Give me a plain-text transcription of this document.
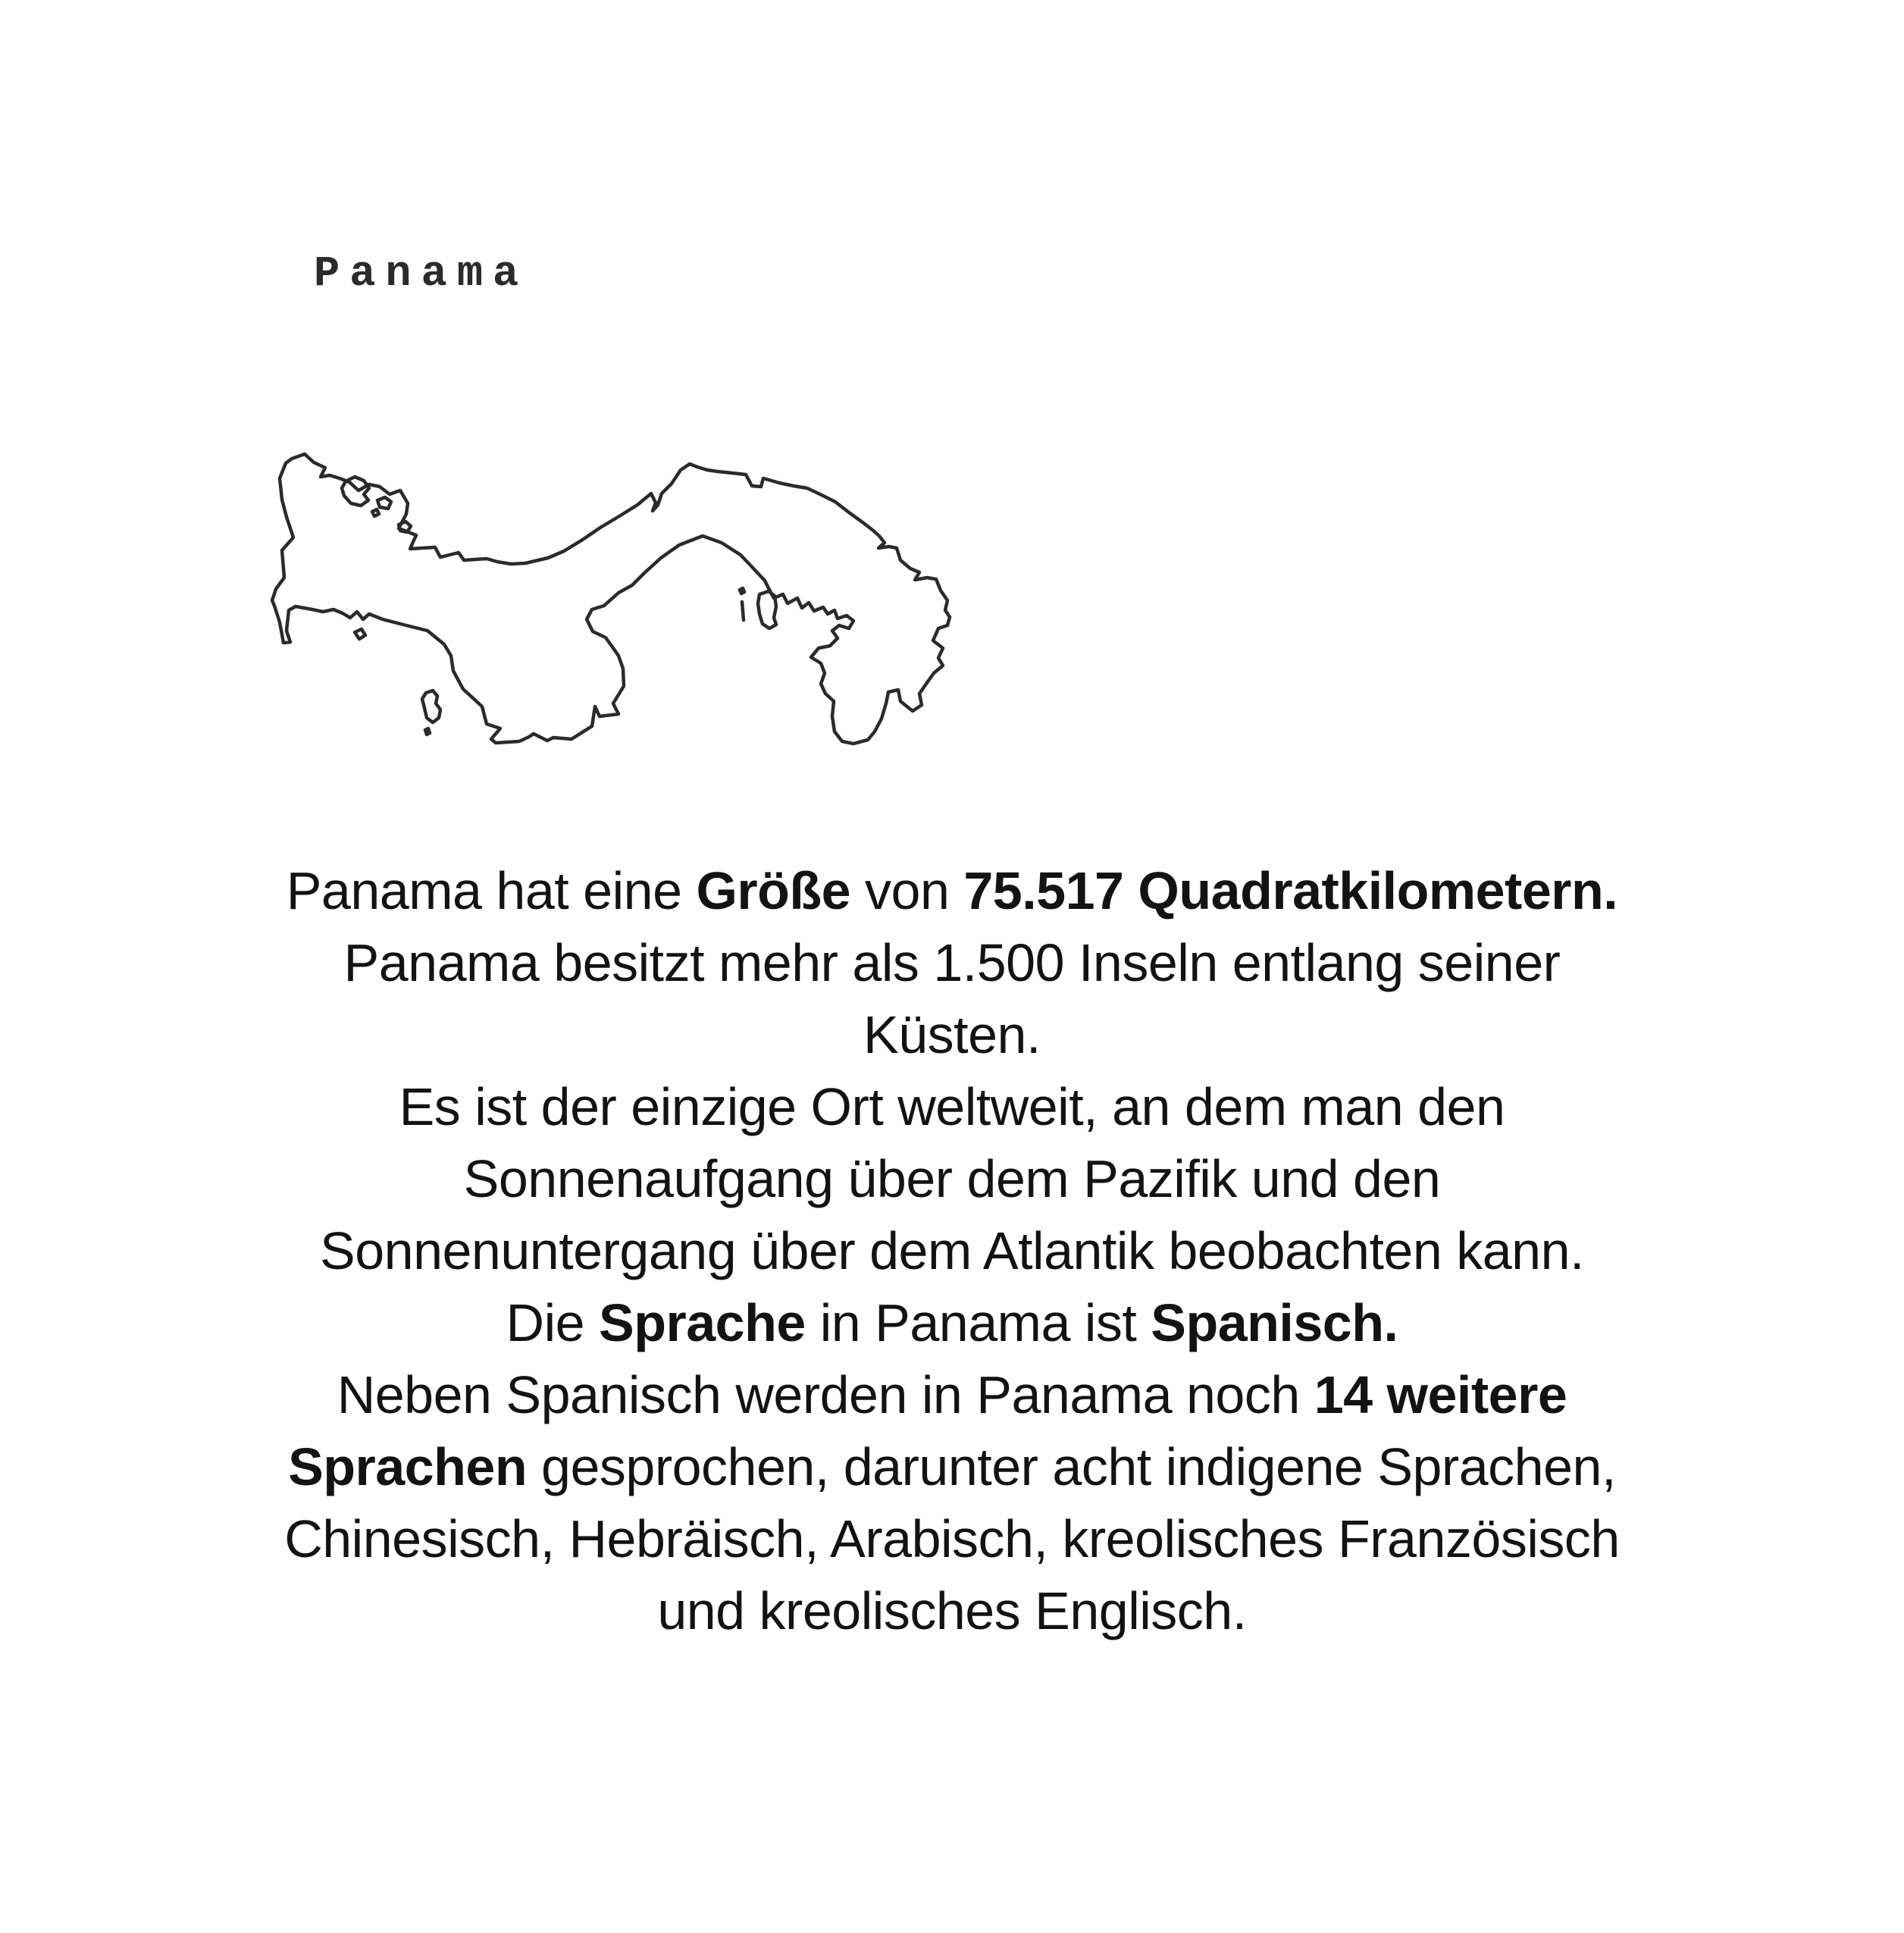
Panama
Panama hat eine Größe von 75.517 Quadratkilometern.
Panama besitzt mehr als 1.500 Inseln entlang seiner
Küsten.
Es ist der einzige Ort weltweit, an dem man den
Sonnenaufgang über dem Pazifik und den
Sonnenuntergang über dem Atlantik beobachten kann.
Die Sprache in Panama ist Spanisch.
Neben Spanisch werden in Panama noch 14 weitere
Sprachen gesprochen, darunter acht indigene Sprachen,
Chinesisch, Hebräisch, Arabisch, kreolisches Französisch
und kreolisches Englisch.
